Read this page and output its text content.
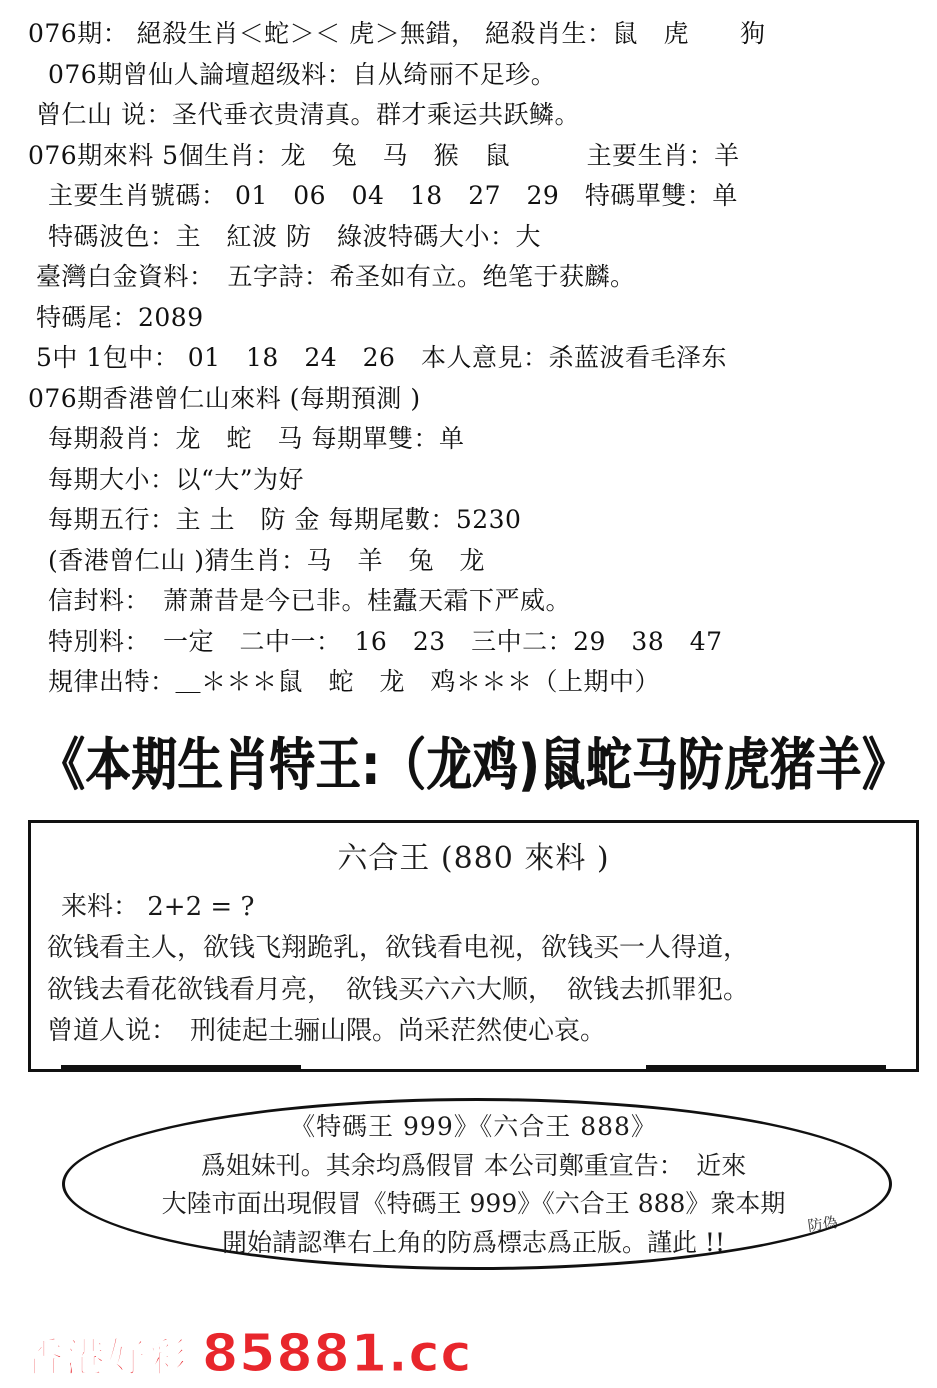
076期： 絕殺生肖＜蛇＞＜ 虎＞無錯， 絕殺肖生：鼠　虎　　狗
076期曾仙人論壇超级料：自从绮丽不足珍。
曾仁山 说：圣代垂衣贵清真。群才乘运共跃鳞。
076期來料 5個生肖：龙　兔　马　猴　鼠　　　主要生肖：羊
主要生肖號碼： 01　06　04　18　27　29　特碼單雙：单
特碼波色：主　紅波 防　綠波特碼大小：大
臺灣白金資料：　五字詩：希圣如有立。绝笔于获麟。
特碼尾：2089
5中 1包中： 01　18　24　26　本人意見：杀蓝波看毛泽东
076期香港曾仁山來料 (每期預測 )
每期殺肖：龙　蛇　马 每期單雙：单
每期大小：以“大”为好
每期五行：主 土　防 金 每期尾數：5230
(香港曾仁山 )猜生肖：马　羊　兔　龙
信封料：　萧萧昔是今已非。桂蠹天霜下严威。
特別料：　一定　二中一：　16　23　三中二：29　38　47
規律出特：＿＊＊＊鼠　蛇　龙　鸡＊＊＊（上期中）
《本期生肖特王:（龙鸡)鼠蛇马防虎猪羊》
六合王 (880 來料 )
来料： 2+2 = ?
欲钱看主人，欲钱飞翔跪乳，欲钱看电视，欲钱买一人得道，
欲钱去看花欲钱看月亮，　欲钱买六六大顺，　欲钱去抓罪犯。
曾道人说：　刑徒起土骊山隈。尚采茫然使心哀。
《特碼王 999》《六合王 888》
爲姐妹刊。其余均爲假冒 本公司鄭重宣告：　近來
大陸市面出現假冒《特碼王 999》《六合王 888》衆本期
開始請認準右上角的防爲標志爲正版。謹此 !!
防偽
香港好彩 85881.cc
